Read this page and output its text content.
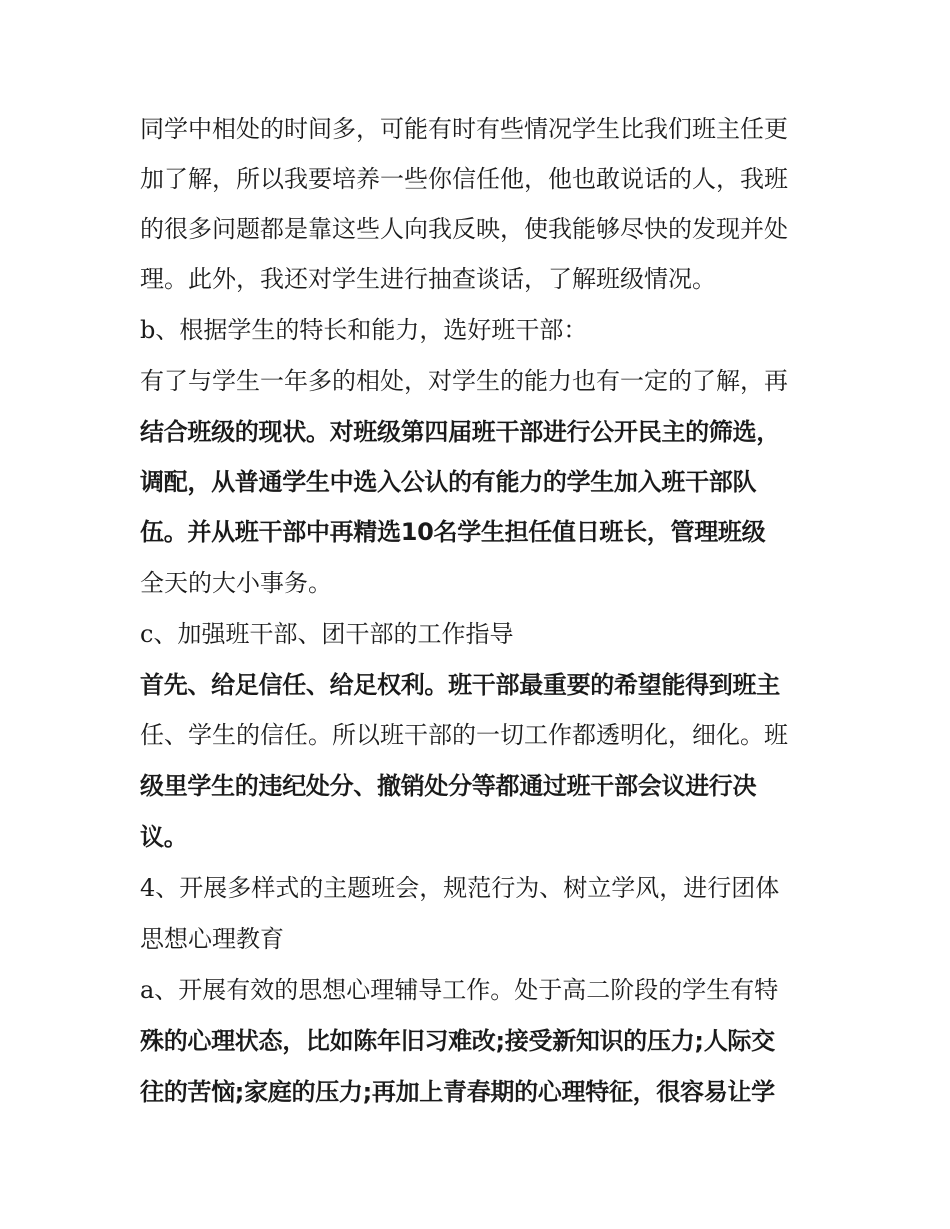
同学中相处的时间多，可能有时有些情况学生比我们班主任更
加了解，所以我要培养一些你信任他，他也敢说话的人，我班
的很多问题都是靠这些人向我反映，使我能够尽快的发现并处
理。此外，我还对学生进行抽查谈话，了解班级情况。
b、根据学生的特长和能力，选好班干部：
有了与学生一年多的相处，对学生的能力也有一定的了解，再
结合班级的现状。对班级第四届班干部进行公开民主的筛选，
调配，从普通学生中选入公认的有能力的学生加入班干部队
伍。并从班干部中再精选10名学生担任值日班长，管理班级
全天的大小事务。
c、加强班干部、团干部的工作指导
首先、给足信任、给足权利。班干部最重要的希望能得到班主
任、学生的信任。所以班干部的一切工作都透明化，细化。班
级里学生的违纪处分、撤销处分等都通过班干部会议进行决
议。
4、开展多样式的主题班会，规范行为、树立学风，进行团体
思想心理教育
a、开展有效的思想心理辅导工作。处于高二阶段的学生有特
殊的心理状态，比如陈年旧习难改;接受新知识的压力;人际交
往的苦恼;家庭的压力;再加上青春期的心理特征，很容易让学
